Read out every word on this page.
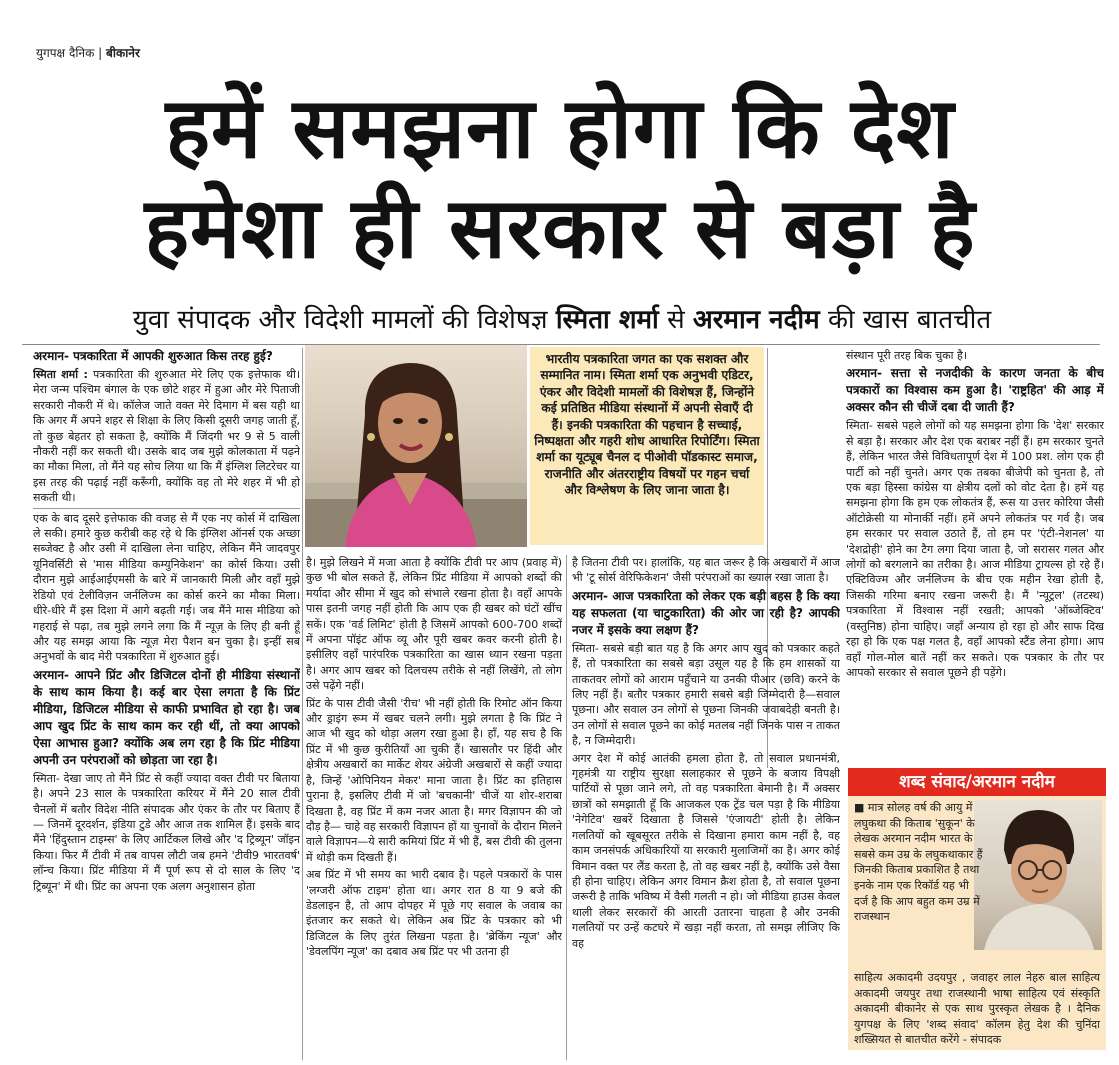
युगपक्ष दैनिक | बीकानेर
हमें समझना होगा कि देश
हमेशा ही सरकार से बड़ा है
युवा संपादक और विदेशी मामलों की विशेषज्ञ स्मिता शर्मा से अरमान नदीम की खास बातचीत

अरमान- पत्रकारिता में आपकी शुरुआत किस तरह हुई?

स्मिता शर्मा : पत्रकारिता की शुरुआत मेरे लिए एक इत्तेफाक थी। मेरा जन्म पश्चिम बंगाल के एक छोटे शहर में हुआ और मेरे पिताजी सरकारी नौकरी में थे। कॉलेज जाते वक्त मेरे दिमाग में बस यही था कि अगर मैं अपने शहर से शिक्षा के लिए किसी दूसरी जगह जाती हूँ, तो कुछ बेहतर हो सकता है, क्योंकि मैं जिंदगी भर 9 से 5 वाली नौकरी नहीं कर सकती थी। उसके बाद जब मुझे कोलकाता में पढ़ने का मौका मिला, तो मैंने यह सोच लिया था कि मैं इंग्लिश लिटरेचर या इस तरह की पढ़ाई नहीं करूँगी, क्योंकि वह तो मेरे शहर में भी हो सकती थी।

एक के बाद दूसरे इत्तेफाक की वजह से मैं एक नए कोर्स में दाखिला ले सकी। हमारे कुछ करीबी कह रहे थे कि इंग्लिश ऑनर्स एक अच्छा सब्जेक्ट है और उसी में दाखिला लेना चाहिए, लेकिन मैंने जादवपुर यूनिवर्सिटी से 'मास मीडिया कम्युनिकेशन' का कोर्स किया। उसी दौरान मुझे आईआईएमसी के बारे में जानकारी मिली और वहाँ मुझे रेडियो एवं टेलीविज़न जर्नलिज्म का कोर्स करने का मौका मिला। धीरे-धीरे मैं इस दिशा में आगे बढ़ती गई। जब मैंने मास मीडिया को गहराई से पढ़ा, तब मुझे लगने लगा कि मैं न्यूज़ के लिए ही बनी हूँ और यह समझ आया कि न्यूज़ मेरा पैशन बन चुका है। इन्हीं सब अनुभवों के बाद मेरी पत्रकारिता में शुरुआत हुई।

अरमान- आपने प्रिंट और डिजिटल दोनों ही मीडिया संस्थानों के साथ काम किया है। कई बार ऐसा लगता है कि प्रिंट मीडिया, डिजिटल मीडिया से काफी प्रभावित हो रहा है। जब आप खुद प्रिंट के साथ काम कर रही थीं, तो क्या आपको ऐसा आभास हुआ? क्योंकि अब लग रहा है कि प्रिंट मीडिया अपनी उन परंपराओं को छोड़ता जा रहा है।

स्मिता- देखा जाए तो मैंने प्रिंट से कहीं ज्यादा वक्त टीवी पर बिताया है। अपने 23 साल के पत्रकारिता करियर में मैंने 20 साल टीवी चैनलों में बतौर विदेश नीति संपादक और एंकर के तौर पर बिताए हैं— जिनमें दूरदर्शन, इंडिया टुडे और आज तक शामिल हैं। इसके बाद मैंने 'हिंदुस्तान टाइम्स' के लिए आर्टिकल लिखे और 'द ट्रिब्यून' जॉइन किया। फिर मैं टीवी में तब वापस लौटी जब हमने 'टीवी9 भारतवर्ष' लॉन्च किया। प्रिंट मीडिया में मैं पूर्ण रूप से दो साल के लिए 'द ट्रिब्यून' में थी। प्रिंट का अपना एक अलग अनुशासन होता

भारतीय पत्रकारिता जगत का एक सशक्त और सम्मानित नाम। स्मिता शर्मा एक अनुभवी एडिटर, एंकर और विदेशी मामलों की विशेषज्ञ हैं, जिन्होंने कई प्रतिष्ठित मीडिया संस्थानों में अपनी सेवाएँ दी हैं। इनकी पत्रकारिता की पहचान है सच्चाई, निष्पक्षता और गहरी शोध आधारित रिपोर्टिंग। स्मिता शर्मा का यूट्यूब चैनल द पीओवी पॉडकास्ट समाज, राजनीति और अंतरराष्ट्रीय विषयों पर गहन चर्चा और विश्लेषण के लिए जाना जाता है।

है। मुझे लिखने में मजा आता है क्योंकि टीवी पर आप (प्रवाह में) कुछ भी बोल सकते हैं, लेकिन प्रिंट मीडिया में आपको शब्दों की मर्यादा और सीमा में खुद को संभाले रखना होता है। वहाँ आपके पास इतनी जगह नहीं होती कि आप एक ही खबर को घंटों खींच सकें। एक 'वर्ड लिमिट' होती है जिसमें आपको 600-700 शब्दों में अपना पॉइंट ऑफ व्यू और पूरी खबर कवर करनी होती है। इसीलिए वहाँ पारंपरिक पत्रकारिता का खास ध्यान रखना पड़ता है। अगर आप खबर को दिलचस्प तरीके से नहीं लिखेंगे, तो लोग उसे पढ़ेंगे नहीं।

प्रिंट के पास टीवी जैसी 'रीच' भी नहीं होती कि रिमोट ऑन किया और ड्राइंग रूम में खबर चलने लगी। मुझे लगता है कि प्रिंट ने आज भी खुद को थोड़ा अलग रखा हुआ है। हाँ, यह सच है कि प्रिंट में भी कुछ कुरीतियाँ आ चुकी हैं। खासतौर पर हिंदी और क्षेत्रीय अखबारों का मार्केट शेयर अंग्रेजी अखबारों से कहीं ज्यादा है, जिन्हें 'ओपिनियन मेकर' माना जाता है। प्रिंट का इतिहास पुराना है, इसलिए टीवी में जो 'बचकानी' चीजें या शोर-शराबा दिखता है, वह प्रिंट में कम नजर आता है। मगर विज्ञापन की जो दौड़ है— चाहे वह सरकारी विज्ञापन हों या चुनावों के दौरान मिलने वाले विज्ञापन—ये सारी कमियां प्रिंट में भी हैं, बस टीवी की तुलना में थोड़ी कम दिखती हैं।

अब प्रिंट में भी समय का भारी दबाव है। पहले पत्रकारों के पास 'लग्जरी ऑफ टाइम' होता था। अगर रात 8 या 9 बजे की डेडलाइन है, तो आप दोपहर में पूछे गए सवाल के जवाब का इंतजार कर सकते थे। लेकिन अब प्रिंट के पत्रकार को भी डिजिटल के लिए तुरंत लिखना पड़ता है। 'ब्रेकिंग न्यूज' और 'डेवलपिंग न्यूज' का दबाव अब प्रिंट पर भी उतना ही

है जितना टीवी पर। हालांकि, यह बात जरूर है कि अखबारों में आज भी 'टू सोर्स वेरिफिकेशन' जैसी परंपराओं का ख्याल रखा जाता है।

अरमान- आज पत्रकारिता को लेकर एक बड़ी बहस है कि क्या यह सफलता (या चाटुकारिता) की ओर जा रही है? आपकी नजर में इसके क्या लक्षण हैं?

स्मिता- सबसे बड़ी बात यह है कि अगर आप खुद को पत्रकार कहते हैं, तो पत्रकारिता का सबसे बड़ा उसूल यह है कि हम शासकों या ताकतवर लोगों को आराम पहुँचाने या उनकी पीआर (छवि) करने के लिए नहीं हैं। बतौर पत्रकार हमारी सबसे बड़ी जिम्मेदारी है—सवाल पूछना। और सवाल उन लोगों से पूछना जिनकी जवाबदेही बनती है। उन लोगों से सवाल पूछने का कोई मतलब नहीं जिनके पास न ताकत है, न जिम्मेदारी।

अगर देश में कोई आतंकी हमला होता है, तो सवाल प्रधानमंत्री, गृहमंत्री या राष्ट्रीय सुरक्षा सलाहकार से पूछने के बजाय विपक्षी पार्टियों से पूछा जाने लगे, तो वह पत्रकारिता बेमानी है। मैं अक्सर छात्रों को समझाती हूँ कि आजकल एक ट्रेंड चल पड़ा है कि मीडिया 'नेगेटिव' खबरें दिखाता है जिससे 'एंजायटी' होती है। लेकिन गलतियों को खूबसूरत तरीके से दिखाना हमारा काम नहीं है, वह काम जनसंपर्क अधिकारियों या सरकारी मुलाजिमों का है। अगर कोई विमान वक्त पर लैंड करता है, तो वह खबर नहीं है, क्योंकि उसे वैसा ही होना चाहिए। लेकिन अगर विमान क्रैश होता है, तो सवाल पूछना जरूरी है ताकि भविष्य में वैसी गलती न हो। जो मीडिया हाउस केवल थाली लेकर सरकारों की आरती उतारना चाहता है और उनकी गलतियों पर उन्हें कटघरे में खड़ा नहीं करता, तो समझ लीजिए कि वह

संस्थान पूरी तरह बिक चुका है।

अरमान- सत्ता से नजदीकी के कारण जनता के बीच पत्रकारों का विश्वास कम हुआ है। 'राष्ट्रहित' की आड़ में अक्सर कौन सी चीजें दबा दी जाती हैं?

स्मिता- सबसे पहले लोगों को यह समझना होगा कि 'देश' सरकार से बड़ा है। सरकार और देश एक बराबर नहीं हैं। हम सरकार चुनते हैं, लेकिन भारत जैसे विविधतापूर्ण देश में 100 प्रश. लोग एक ही पार्टी को नहीं चुनते। अगर एक तबका बीजेपी को चुनता है, तो एक बड़ा हिस्सा कांग्रेस या क्षेत्रीय दलों को वोट देता है। हमें यह समझना होगा कि हम एक लोकतंत्र हैं, रूस या उत्तर कोरिया जैसी ऑटोक्रेसी या मोनार्की नहीं। हमें अपने लोकतंत्र पर गर्व है। जब हम सरकार पर सवाल उठाते हैं, तो हम पर 'एंटी-नेशनल' या 'देशद्रोही' होने का टैग लगा दिया जाता है, जो सरासर गलत और लोगों को बरगलाने का तरीका है। आज मीडिया ट्रायल्स हो रहे हैं। एक्टिविज्म और जर्नलिज्म के बीच एक महीन रेखा होती है, जिसकी गरिमा बनाए रखना जरूरी है। मैं 'न्यूट्रल' (तटस्थ) पत्रकारिता में विश्वास नहीं रखती; आपको 'ऑब्जेक्टिव' (वस्तुनिष्ठ) होना चाहिए। जहाँ अन्याय हो रहा हो और साफ दिख रहा हो कि एक पक्ष गलत है, वहाँ आपको स्टैंड लेना होगा। आप वहाँ गोल-मोल बातें नहीं कर सकते। एक पत्रकार के तौर पर आपको सरकार से सवाल पूछने ही पड़ेंगे।

शब्द संवाद/अरमान नदीम
■ मात्र सोलह वर्ष की आयु में लघुकथा की किताब 'सुकून' के लेखक अरमान नदीम भारत के सबसे कम उम्र के लघुकथाकार हैं जिनकी किताब प्रकाशित है तथा इनके नाम एक रिकॉर्ड यह भी दर्ज है कि आप बहुत कम उम्र में राजस्थान
साहित्य अकादमी उदयपुर , जवाहर लाल नेहरु बाल साहित्य अकादमी जयपुर तथा राजस्थानी भाषा साहित्य एवं संस्कृति अकादमी बीकानेर से एक साथ पुरस्कृत लेखक है । दैनिक युगपक्ष के लिए 'शब्द संवाद' कॉलम हेतु देश की चुनिंदा शख्सियत से बातचीत करेंगे - संपादक
